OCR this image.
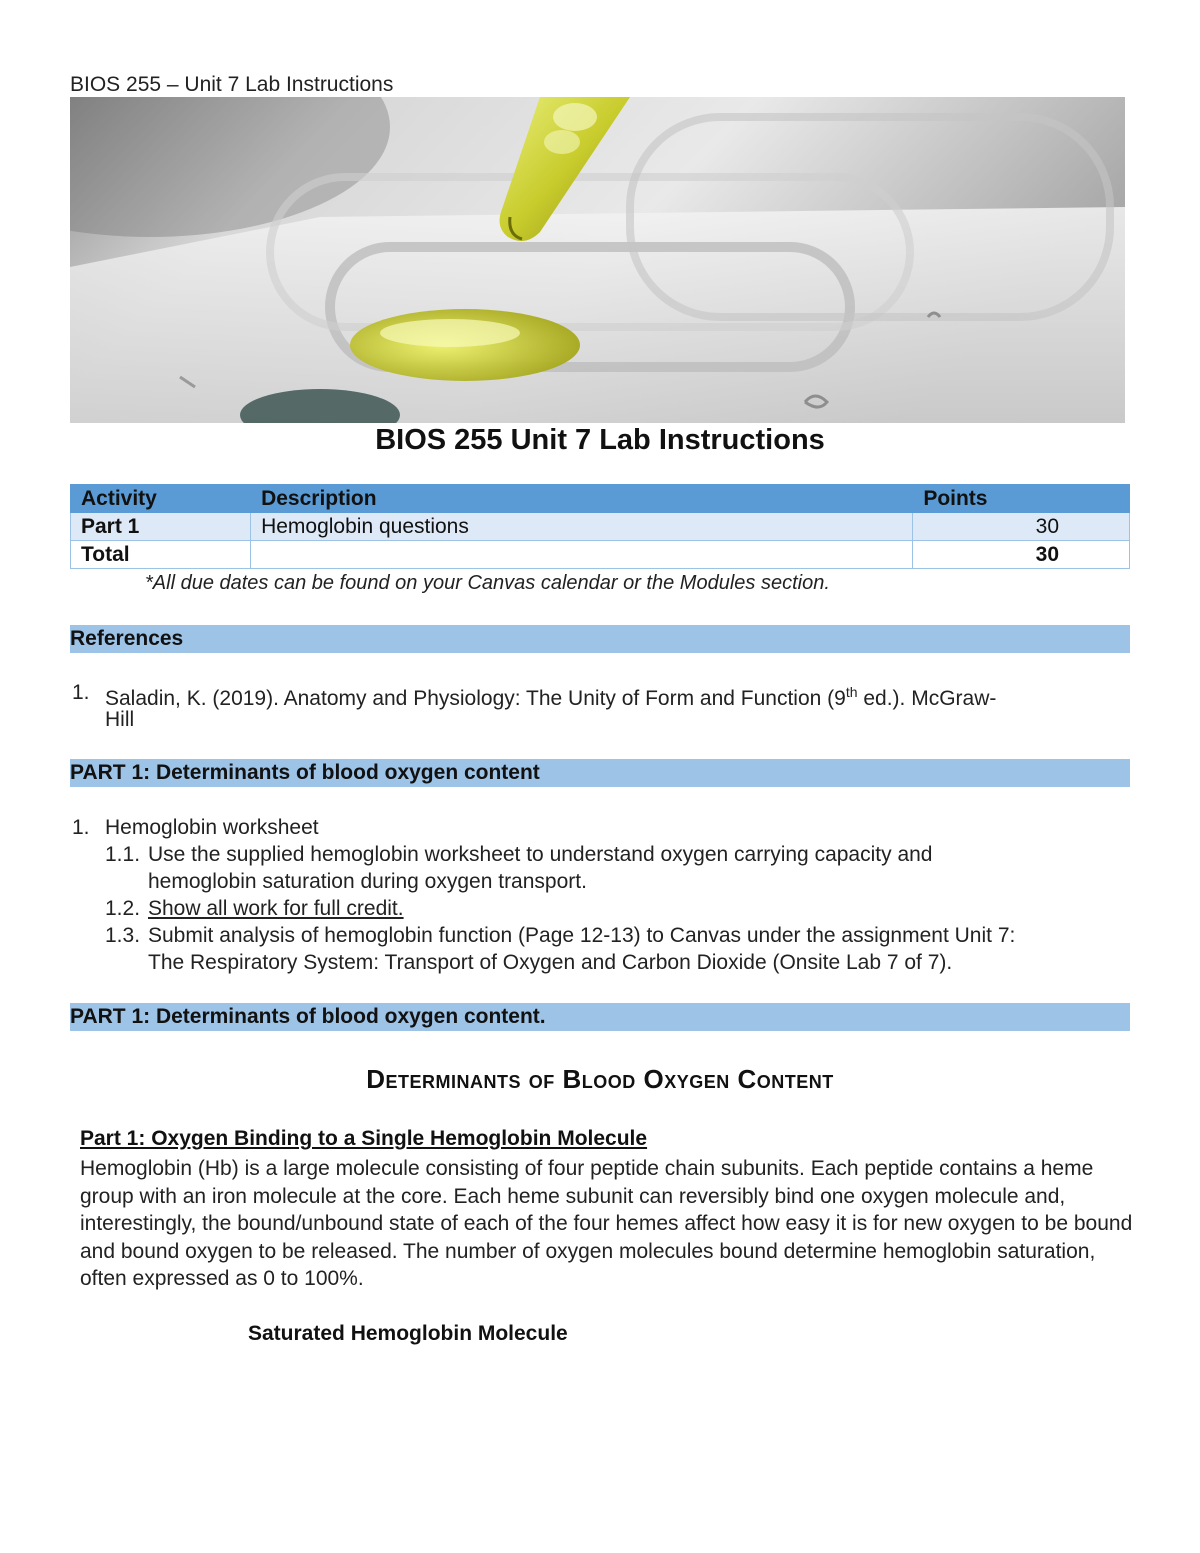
BIOS 255 – Unit 7 Lab Instructions
BIOS 255 Unit 7 Lab Instructions
Activity	Description	Points
Part 1	Hemoglobin questions	30
Total		30
*All due dates can be found on your Canvas calendar or the Modules section.
References
1. Saladin, K. (2019). Anatomy and Physiology: The Unity of Form and Function (9th ed.). McGraw-
Hill
PART 1: Determinants of blood oxygen content
1. Hemoglobin worksheet
1.1. Use the supplied hemoglobin worksheet to understand oxygen carrying capacity and
hemoglobin saturation during oxygen transport.
1.2. Show all work for full credit.
1.3. Submit analysis of hemoglobin function (Page 12-13) to Canvas under the assignment Unit 7:
The Respiratory System: Transport of Oxygen and Carbon Dioxide (Onsite Lab 7 of 7).
PART 1: Determinants of blood oxygen content.
Determinants of Blood Oxygen Content
Part 1: Oxygen Binding to a Single Hemoglobin Molecule
Hemoglobin (Hb) is a large molecule consisting of four peptide chain subunits. Each peptide contains a heme group with an iron molecule at the core. Each heme subunit can reversibly bind one oxygen molecule and, interestingly, the bound/unbound state of each of the four hemes affect how easy it is for new oxygen to be bound and bound oxygen to be released. The number of oxygen molecules bound determine hemoglobin saturation, often expressed as 0 to 100%.
Saturated Hemoglobin Molecule
